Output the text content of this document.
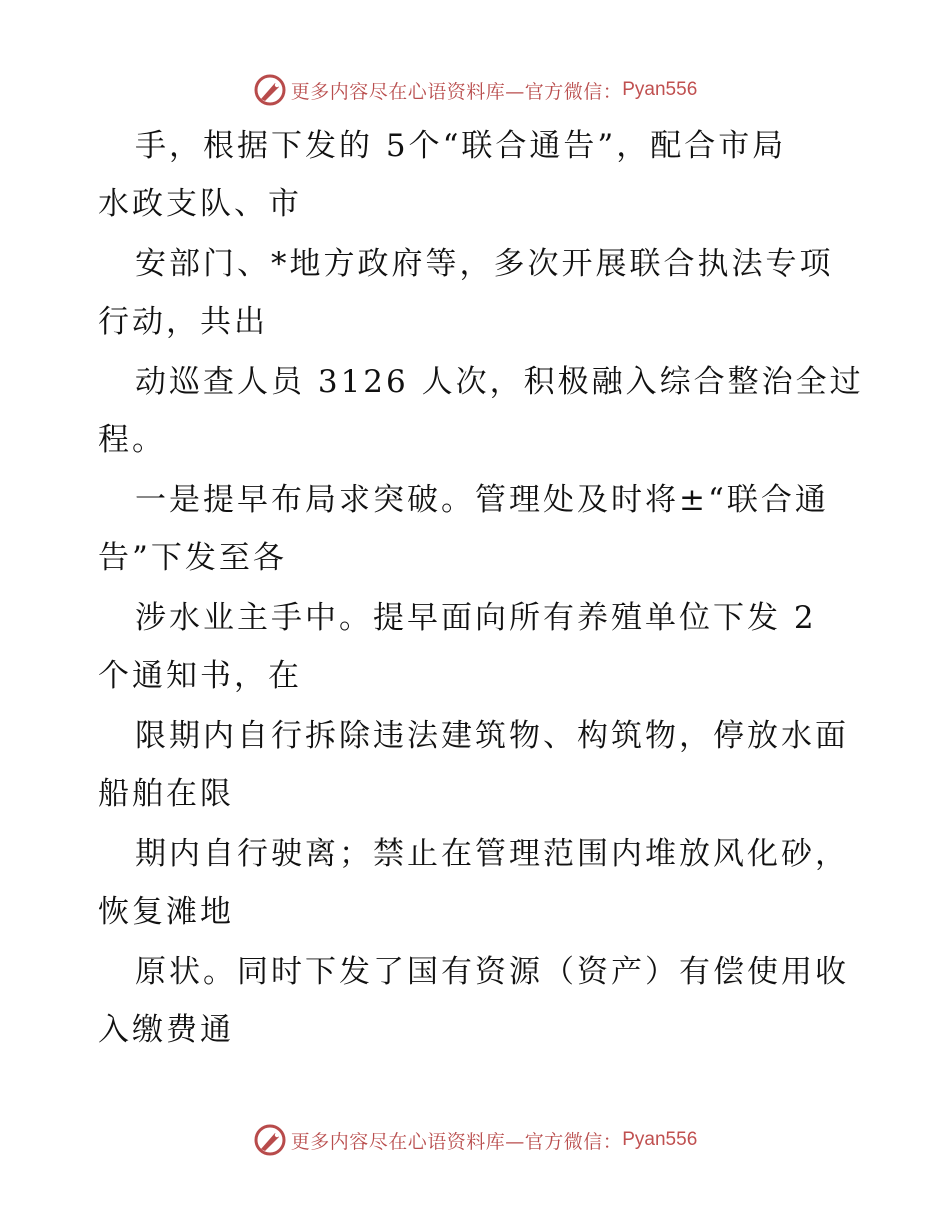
更多内容尽在心语资料库—官方微信： Pyan556
手，根据下发的 5个“联合通告”，配合市局
水政支队、市
安部门、*地方政府等，多次开展联合执法专项
行动，共出
动巡查人员 3126 人次，积极融入综合整治全过
程。
一是提早布局求突破。管理处及时将±“联合通
告”下发至各
涉水业主手中。提早面向所有养殖单位下发 2
个通知书，在
限期内自行拆除违法建筑物、构筑物，停放水面
船舶在限
期内自行驶离；禁止在管理范围内堆放风化砂，
恢复滩地
原状。同时下发了国有资源（资产）有偿使用收
入缴费通
更多内容尽在心语资料库—官方微信： Pyan556
